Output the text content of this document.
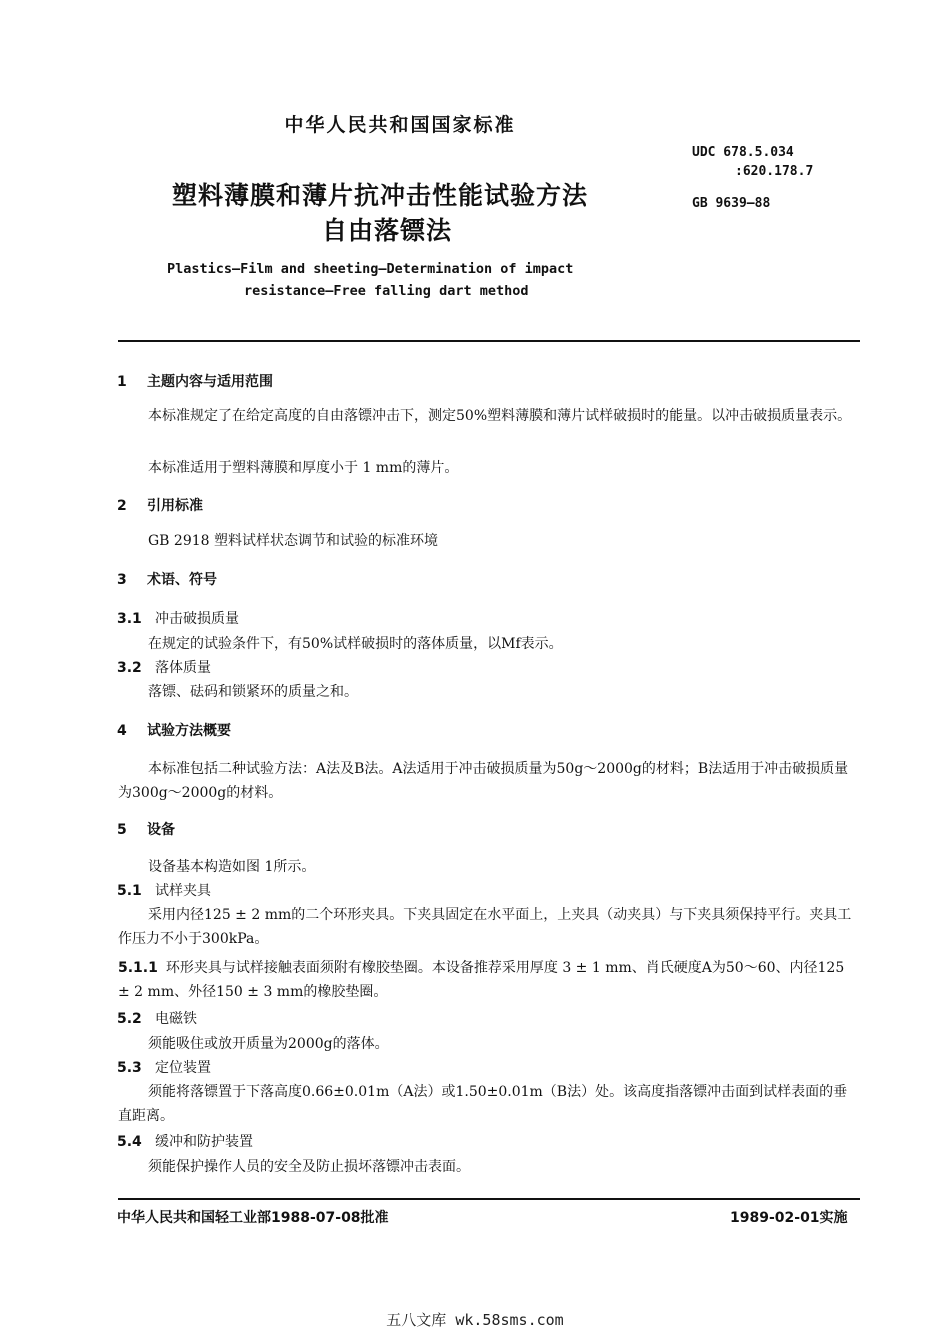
中华人民共和国国家标准
UDC 678.5.034
:620.178.7
GB 9639—88
塑料薄膜和薄片抗冲击性能试验方法
自由落镖法
Plastics—Film and sheeting—Determination of impact
resistance—Free falling dart method
1 主题内容与适用范围
本标准规定了在给定高度的自由落镖冲击下，测定50%塑料薄膜和薄片试样破损时的能量。以冲击破损质量表示。
本标准适用于塑料薄膜和厚度小于 1 mm的薄片。
2 引用标准
GB 2918 塑料试样状态调节和试验的标准环境
3 术语、符号
3.1 冲击破损质量
在规定的试验条件下，有50%试样破损时的落体质量，以Mf表示。
3.2 落体质量
落镖、砝码和锁紧环的质量之和。
4 试验方法概要
本标准包括二种试验方法：A法及B法。A法适用于冲击破损质量为50g～2000g的材料；B法适用于冲击破损质量为300g～2000g的材料。
5 设备
设备基本构造如图 1所示。
5.1 试样夹具
采用内径125 ± 2 mm的二个环形夹具。下夹具固定在水平面上，上夹具（动夹具）与下夹具须保持平行。夹具工作压力不小于300kPa。
5.1.1 环形夹具与试样接触表面须附有橡胶垫圈。本设备推荐采用厚度 3 ± 1 mm、肖氏硬度A为50～60、内径125 ± 2 mm、外径150 ± 3 mm的橡胶垫圈。
5.2 电磁铁
须能吸住或放开质量为2000g的落体。
5.3 定位装置
须能将落镖置于下落高度0.66±0.01m（A法）或1.50±0.01m（B法）处。该高度指落镖冲击面到试样表面的垂直距离。
5.4 缓冲和防护装置
须能保护操作人员的安全及防止损坏落镖冲击表面。
中华人民共和国轻工业部1988-07-08批准	1989-02-01实施
五八文库 wk.58sms.com
